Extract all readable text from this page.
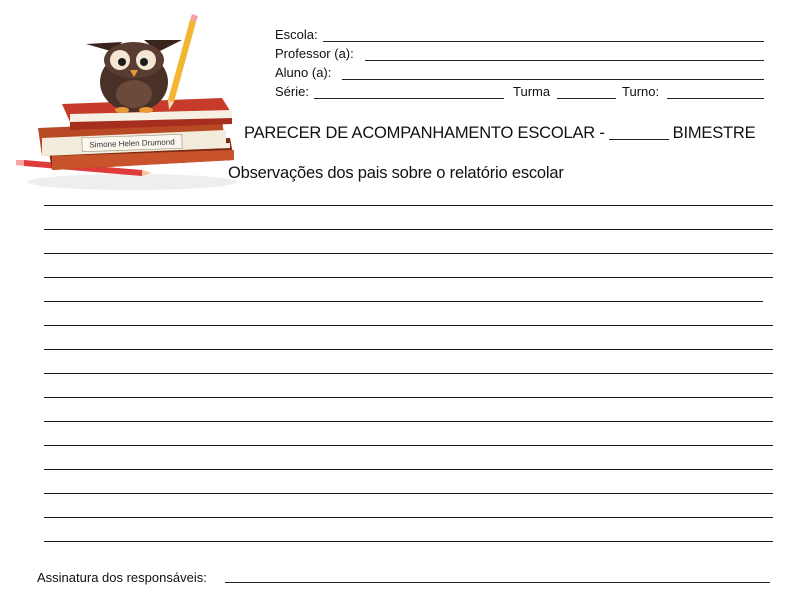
Simone Helen Drumond
Escola:
Professor (a):
Aluno (a):
Série:	Turma	Turno:
PARECER DE ACOMPANHAMENTO ESCOLAR -	BIMESTRE
Observações dos pais sobre o relatório escolar
Assinatura dos responsáveis:
